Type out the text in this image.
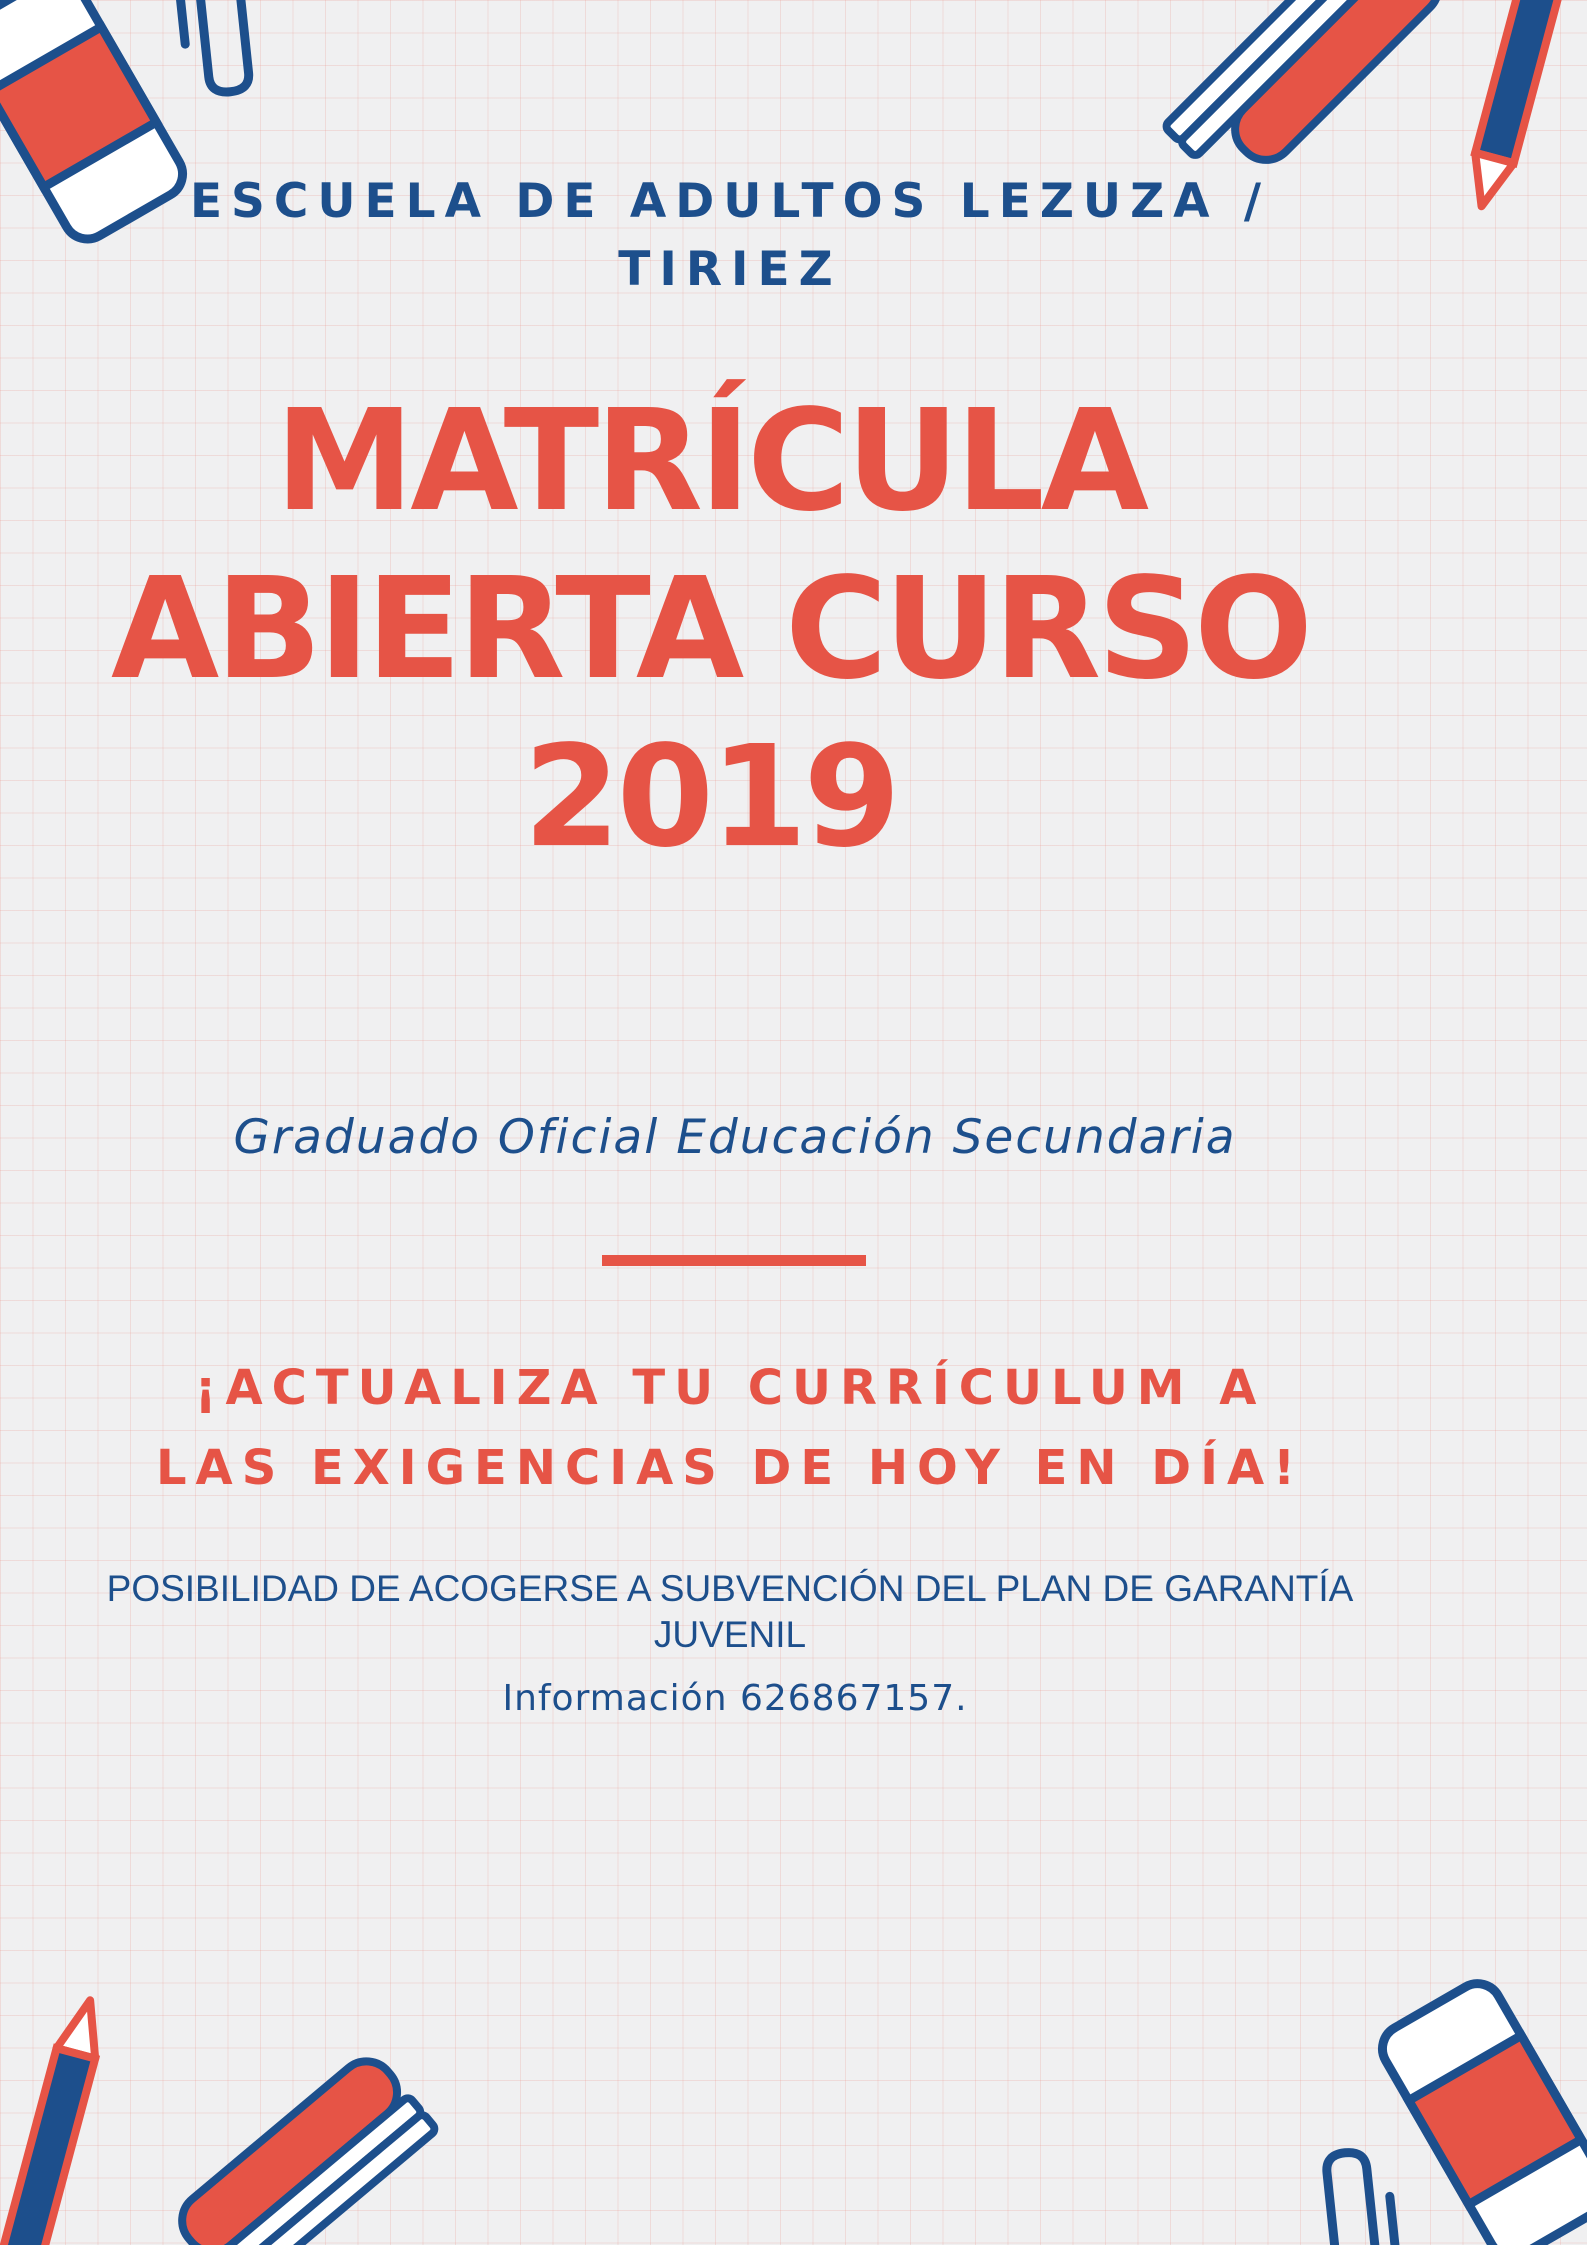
ESCUELA DE ADULTOS LEZUZA / TIRIEZ

MATRÍCULA ABIERTA CURSO 2019

Graduado Oficial Educación Secundaria

¡ACTUALIZA TU CURRÍCULUM A LAS EXIGENCIAS DE HOY EN DÍA!

POSIBILIDAD DE ACOGERSE A SUBVENCIÓN DEL PLAN DE GARANTÍA JUVENIL

Información 626867157.
